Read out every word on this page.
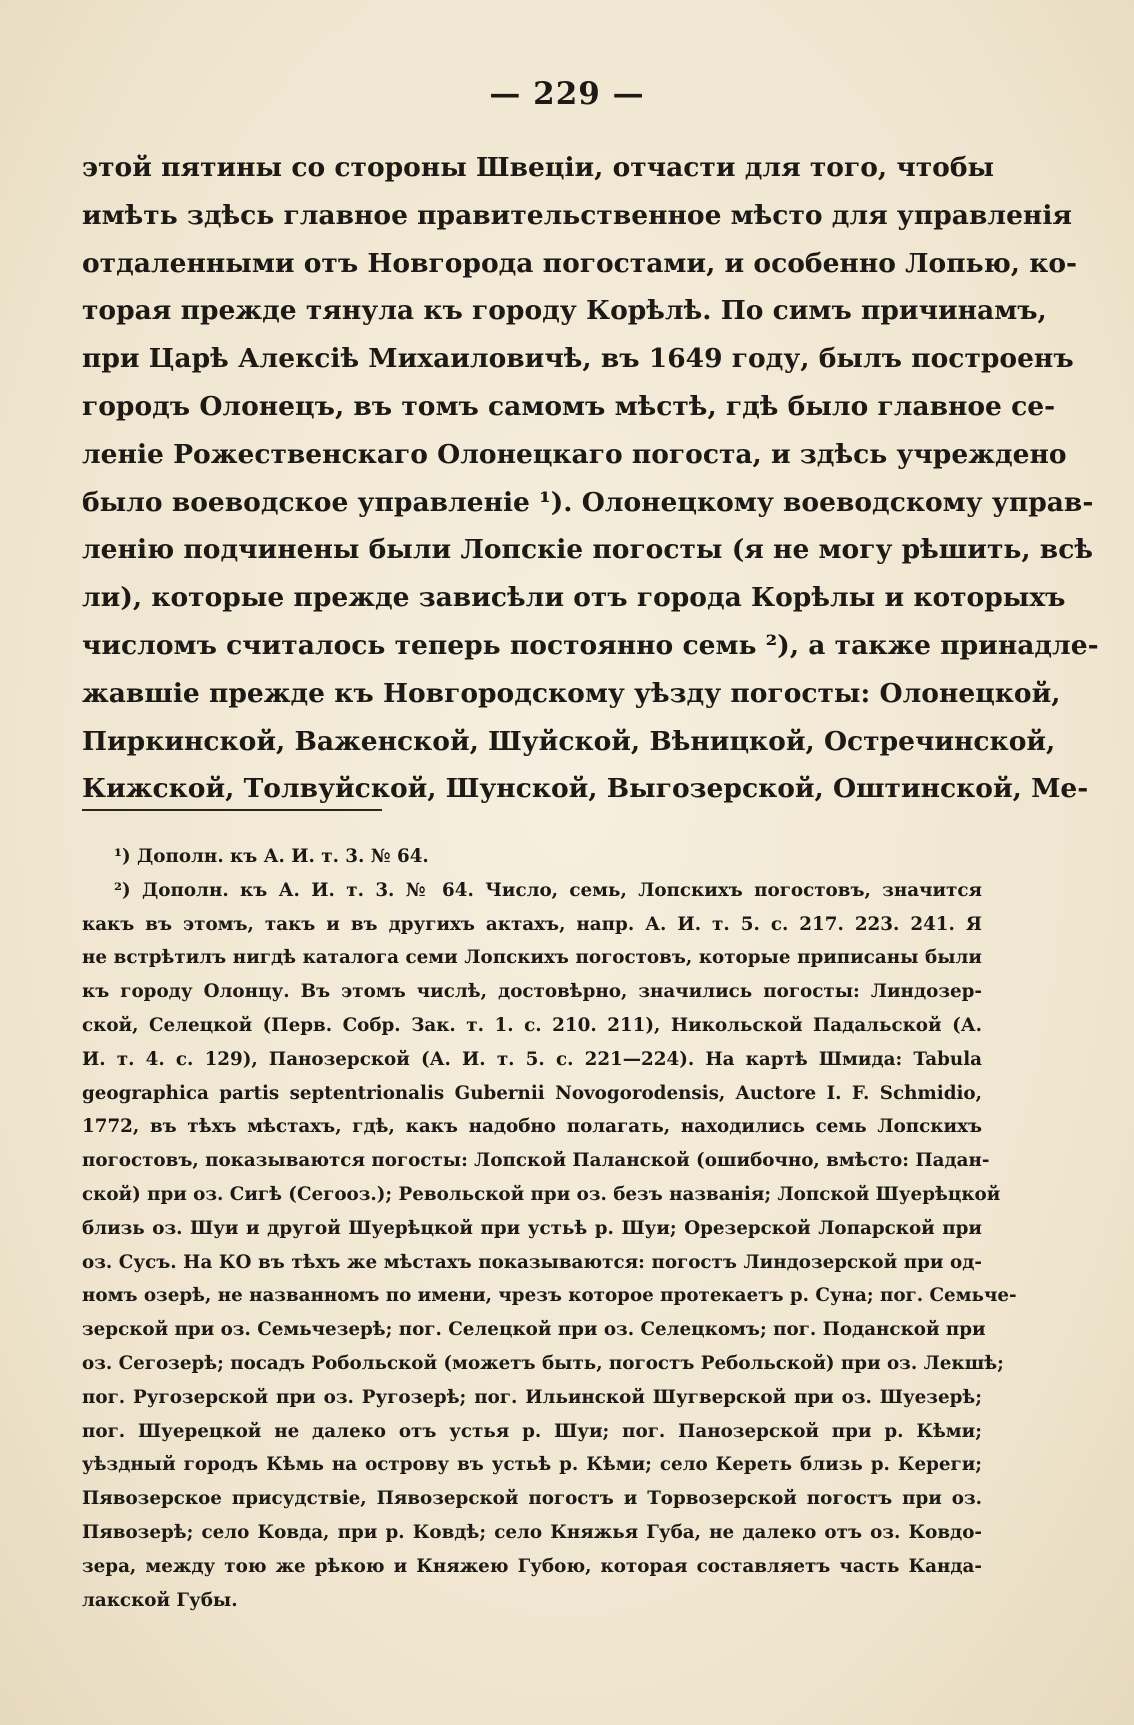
— 229 —
этой пятины со стороны Швеціи, отчасти для того, чтобы
имѣть здѣсь главное правительственное мѣсто для управленія
отдаленными отъ Новгорода погостами, и особенно Лопью, ко-
торая прежде тянула къ городу Корѣлѣ. По симъ причинамъ,
при Царѣ Алексіѣ Михаиловичѣ, въ 1649 году, былъ построенъ
городъ Олонецъ, въ томъ самомъ мѣстѣ, гдѣ было главное се-
леніе Рожественскаго Олонецкаго погоста, и здѣсь учреждено
было воеводское управленіе ¹). Олонецкому воеводскому управ-
ленію подчинены были Лопскіе погосты (я не могу рѣшить, всѣ
ли), которые прежде зависѣли отъ города Корѣлы и которыхъ
числомъ считалось теперь постоянно семь ²), а также принадле-
жавшіе прежде къ Новгородскому уѣзду погосты: Олонецкой,
Пиркинской, Важенской, Шуйской, Вѣницкой, Остречинской,
Кижской, Толвуйской, Шунской, Выгозерской, Оштинской, Ме-
¹) Дополн. къ А. И. т. 3. № 64.
²) Дополн. къ А. И. т. 3. № 64. Число, семь, Лопскихъ погостовъ, значится
какъ въ этомъ, такъ и въ другихъ актахъ, напр. А. И. т. 5. с. 217. 223. 241. Я
не встрѣтилъ нигдѣ каталога семи Лопскихъ погостовъ, которые приписаны были
къ городу Олонцу. Въ этомъ числѣ, достовѣрно, значились погосты: Линдозер-
ской, Селецкой (Перв. Собр. Зак. т. 1. с. 210. 211), Никольской Падальской (А.
И. т. 4. с. 129), Панозерской (А. И. т. 5. с. 221—224). На картѣ Шмида: Tabula
geographica partis septentrionalis Gubernii Novogorodensis, Auctore I. F. Schmidio,
1772, въ тѣхъ мѣстахъ, гдѣ, какъ надобно полагать, находились семь Лопскихъ
погостовъ, показываются погосты: Лопской Паланской (ошибочно, вмѣсто: Падан-
ской) при оз. Сигѣ (Сегооз.); Револьской при оз. безъ названія; Лопской Шуерѣцкой
близь оз. Шуи и другой Шуерѣцкой при устьѣ р. Шуи; Орезерской Лопарской при
оз. Сусъ. На КО въ тѣхъ же мѣстахъ показываются: погостъ Линдозерской при од-
номъ озерѣ, не названномъ по имени, чрезъ которое протекаетъ р. Суна; пог. Семьче-
зерской при оз. Семьчезерѣ; пог. Селецкой при оз. Селецкомъ; пог. Поданской при
оз. Сегозерѣ; посадъ Робольской (можетъ быть, погостъ Ребольской) при оз. Лекшѣ;
пог. Ругозерской при оз. Ругозерѣ; пог. Ильинской Шугверской при оз. Шуезерѣ;
пог. Шуерецкой не далеко отъ устья р. Шуи; пог. Панозерской при р. Кѣми;
уѣздный городъ Кѣмь на острову въ устьѣ р. Кѣми; село Кереть близь р. Кереги;
Пявозерское присудствіе, Пявозерской погостъ и Торвозерской погостъ при оз.
Пявозерѣ; село Ковда, при р. Ковдѣ; село Княжья Губа, не далеко отъ оз. Ковдо-
зера, между тою же рѣкою и Княжею Губою, которая составляетъ часть Канда-
лакской Губы.
